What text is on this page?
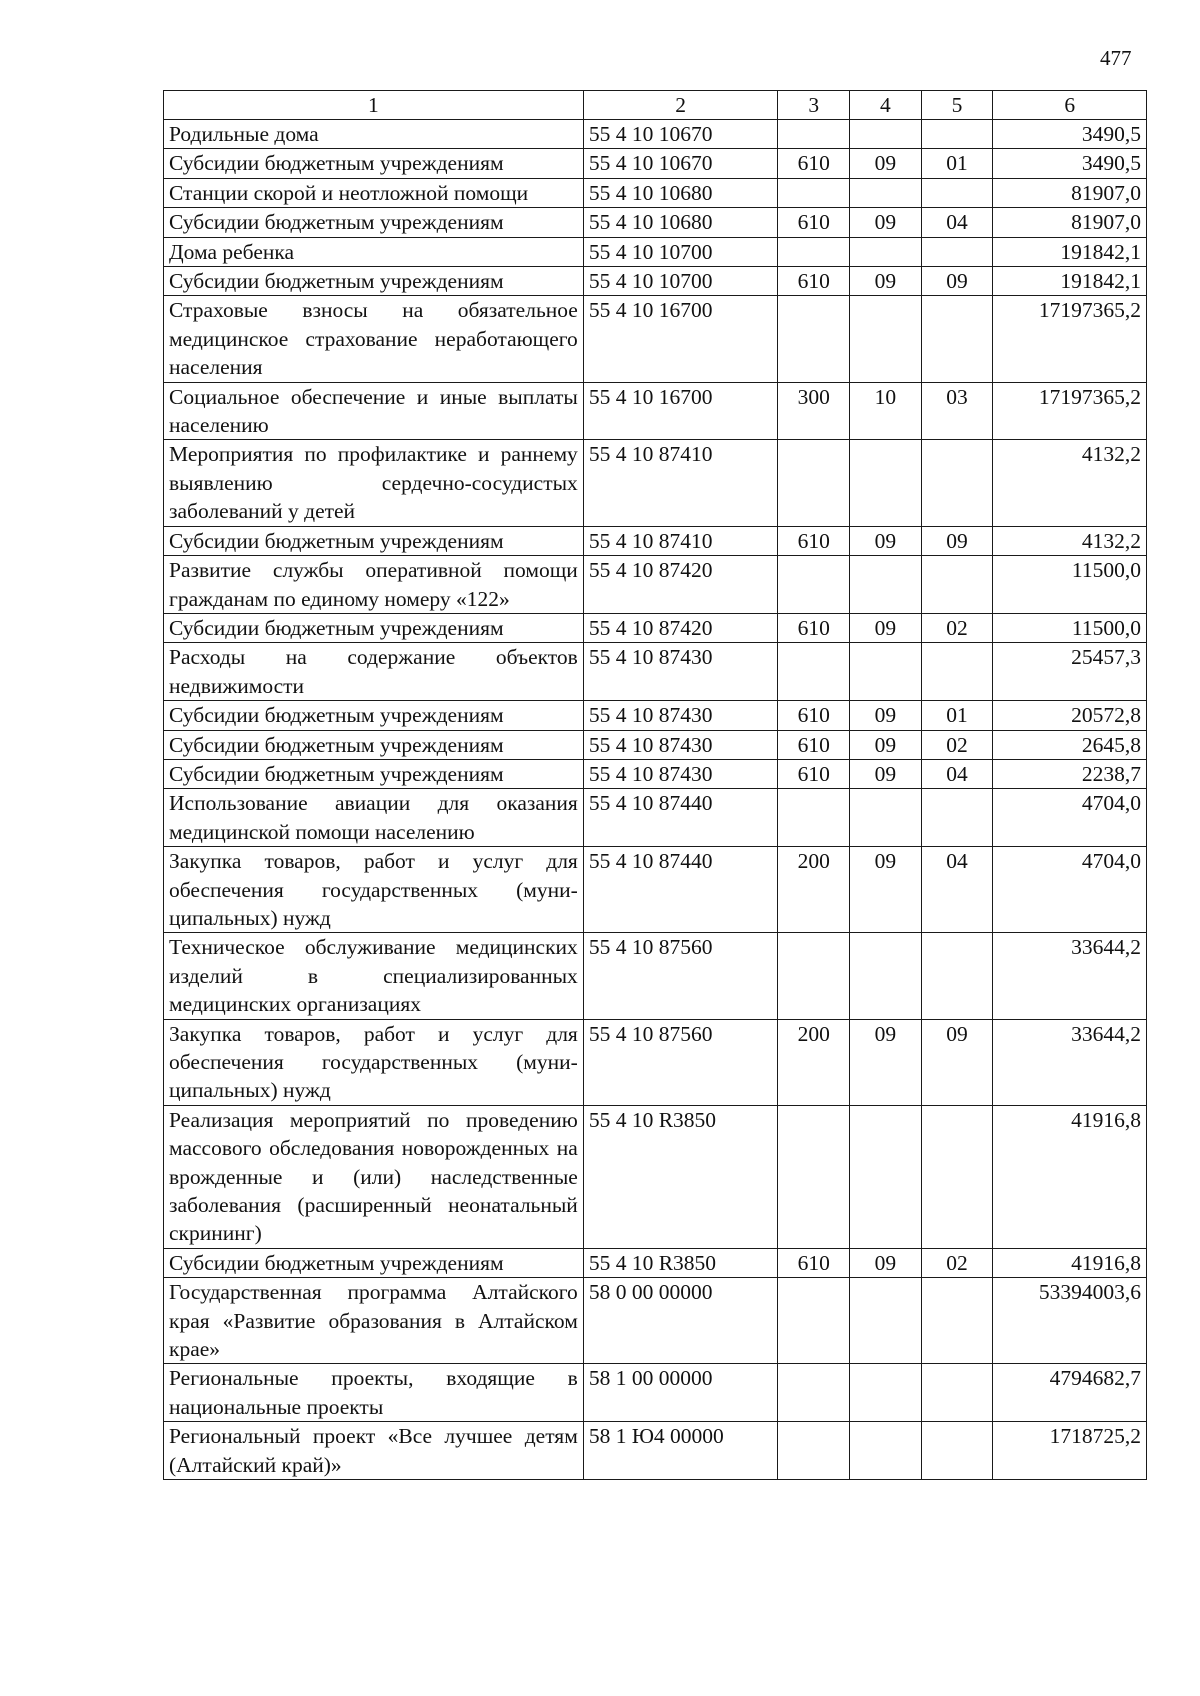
477
1	2	3	4	5	6
Родильные дома	55 4 10 10670				3490,5
Субсидии бюджетным учреждениям	55 4 10 10670	610	09	01	3490,5
Станции скорой и неотложной помощи	55 4 10 10680				81907,0
Субсидии бюджетным учреждениям	55 4 10 10680	610	09	04	81907,0
Дома ребенка	55 4 10 10700				191842,1
Субсидии бюджетным учреждениям	55 4 10 10700	610	09	09	191842,1
Страховые взносы на обязательное медицинское страхование неработающего населения	55 4 10 16700				17197365,2
Социальное обеспечение и иные выплаты населению	55 4 10 16700	300	10	03	17197365,2
Мероприятия по профилактике и раннему выявлению сердечно-сосудистых заболеваний у детей	55 4 10 87410				4132,2
Субсидии бюджетным учреждениям	55 4 10 87410	610	09	09	4132,2
Развитие службы оперативной помощи гражданам по единому номеру «122»	55 4 10 87420				11500,0
Субсидии бюджетным учреждениям	55 4 10 87420	610	09	02	11500,0
Расходы на содержание объектов недвижимости	55 4 10 87430				25457,3
Субсидии бюджетным учреждениям	55 4 10 87430	610	09	01	20572,8
Субсидии бюджетным учреждениям	55 4 10 87430	610	09	02	2645,8
Субсидии бюджетным учреждениям	55 4 10 87430	610	09	04	2238,7
Использование авиации для оказания медицинской помощи населению	55 4 10 87440				4704,0
Закупка товаров, работ и услуг для обеспечения государственных (муниципальных) нужд	55 4 10 87440	200	09	04	4704,0
Техническое обслуживание медицинских изделий в специализированных медицинских организациях	55 4 10 87560				33644,2
Закупка товаров, работ и услуг для обеспечения государственных (муниципальных) нужд	55 4 10 87560	200	09	09	33644,2
Реализация мероприятий по проведению массового обследования новорожденных на врожденные и (или) наследственные заболевания (расширенный неонатальный скрининг)	55 4 10 R3850				41916,8
Субсидии бюджетным учреждениям	55 4 10 R3850	610	09	02	41916,8
Государственная программа Алтайского края «Развитие образования в Алтайском крае»	58 0 00 00000				53394003,6
Региональные проекты, входящие в национальные проекты	58 1 00 00000				4794682,7
Региональный проект «Все лучшее детям (Алтайский край)»	58 1 Ю4 00000				1718725,2
